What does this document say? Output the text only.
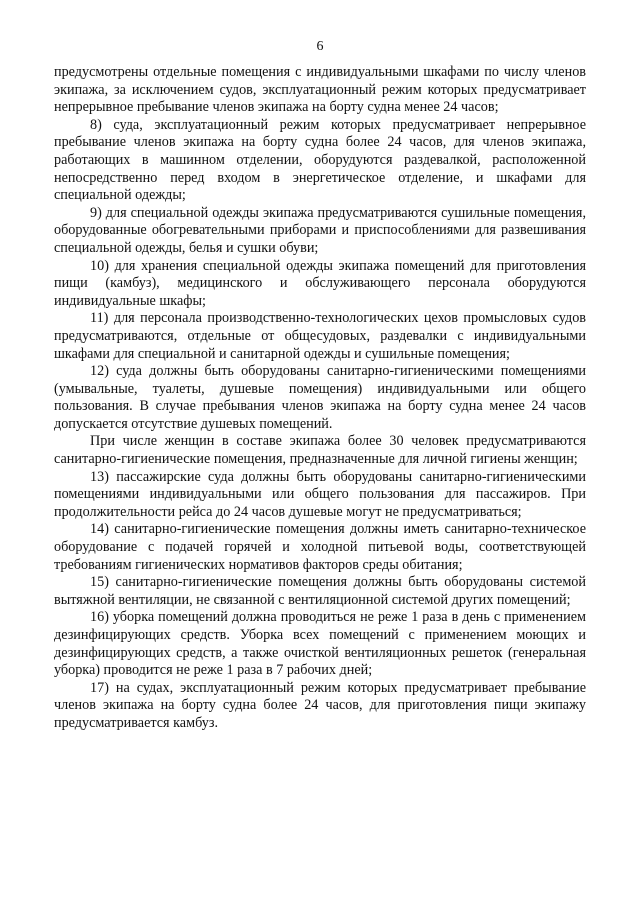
6

предусмотрены отдельные помещения с индивидуальными шкафами по числу членов экипажа, за исключением судов, эксплуатационный режим которых предусматривает непрерывное пребывание членов экипажа на борту судна менее 24 часов;

8) суда, эксплуатационный режим которых предусматривает непрерывное пребывание членов экипажа на борту судна более 24 часов, для членов экипажа, работающих в машинном отделении, оборудуются раздевалкой, расположенной непосредственно перед входом в энергетическое отделение, и шкафами для специальной одежды;

9) для специальной одежды экипажа предусматриваются сушильные помещения, оборудованные обогревательными приборами и приспособлениями для развешивания специальной одежды, белья и сушки обуви;

10) для хранения специальной одежды экипажа помещений для приготовления пищи (камбуз), медицинского и обслуживающего персонала оборудуются индивидуальные шкафы;

11) для персонала производственно-технологических цехов промысловых судов предусматриваются, отдельные от общесудовых, раздевалки с индивидуальными шкафами для специальной и санитарной одежды и сушильные помещения;

12) суда должны быть оборудованы санитарно-гигиеническими помещениями (умывальные, туалеты, душевые помещения) индивидуальными или общего пользования. В случае пребывания членов экипажа на борту судна менее 24 часов допускается отсутствие душевых помещений.

При числе женщин в составе экипажа более 30 человек предусматриваются санитарно-гигиенические помещения, предназначенные для личной гигиены женщин;

13) пассажирские суда должны быть оборудованы санитарно-гигиеническими помещениями индивидуальными или общего пользования для пассажиров. При продолжительности рейса до 24 часов душевые могут не предусматриваться;

14) санитарно-гигиенические помещения должны иметь санитарно-техническое оборудование с подачей горячей и холодной питьевой воды, соответствующей требованиям гигиенических нормативов факторов среды обитания;

15) санитарно-гигиенические помещения должны быть оборудованы системой вытяжной вентиляции, не связанной с вентиляционной системой других помещений;

16) уборка помещений должна проводиться не реже 1 раза в день с применением дезинфицирующих средств. Уборка всех помещений с применением моющих и дезинфицирующих средств, а также очисткой вентиляционных решеток (генеральная уборка) проводится не реже 1 раза в 7 рабочих дней;

17) на судах, эксплуатационный режим которых предусматривает пребывание членов экипажа на борту судна более 24 часов, для приготовления пищи экипажу предусматривается камбуз.
